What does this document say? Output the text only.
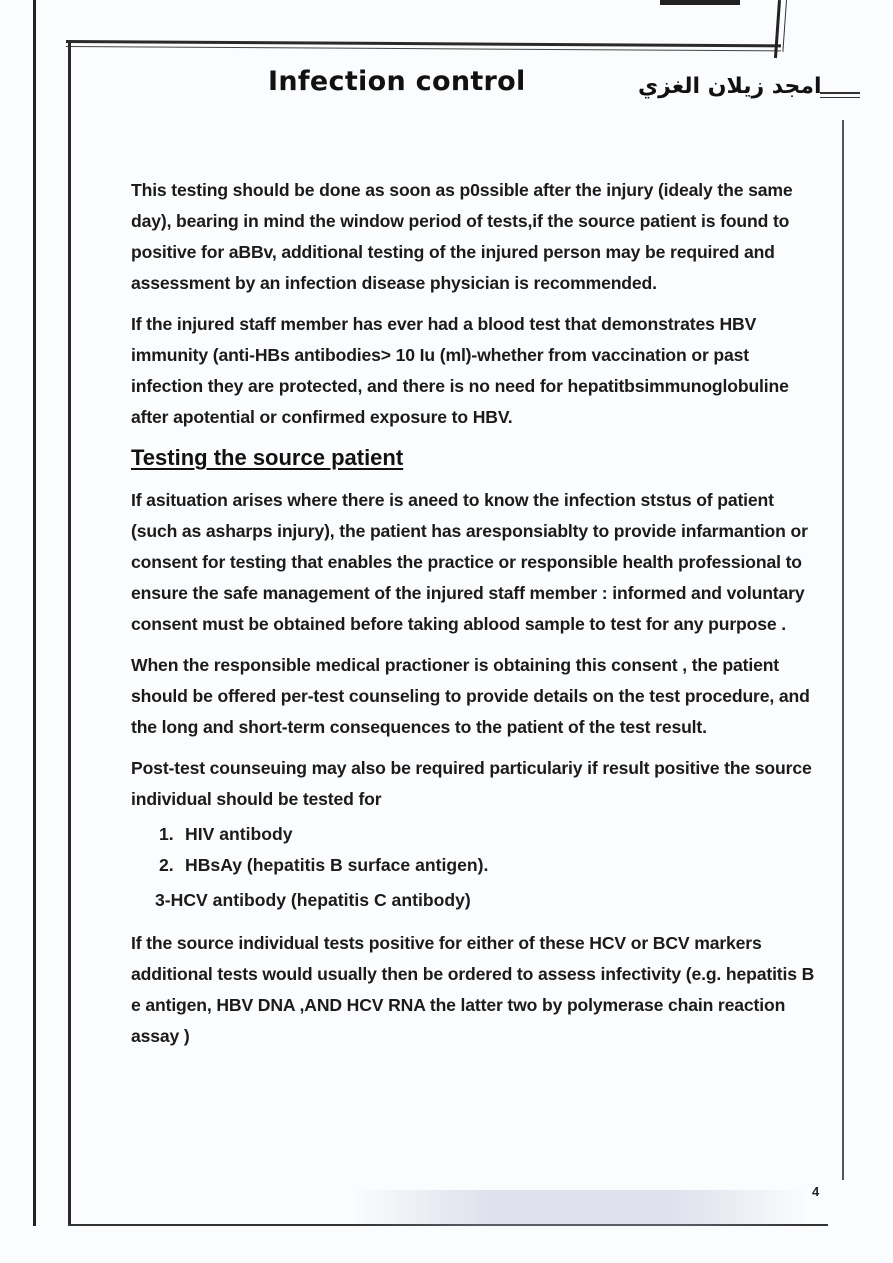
Infection control	امجد زيلان الغزي

This testing should be done as soon as p0ssible after the injury (idealy the same day), bearing in mind the window period of tests,if the source patient is found to positive for aBBv, additional testing of the injured person may be required and assessment by an infection disease physician is recommended.

If the injured staff member has ever had a blood test that demonstrates HBV immunity (anti-HBs antibodies> 10 Iu (ml)-whether from vaccination or past infection they are protected, and there is no need for hepatitbsimmunoglobuline after apotential or confirmed exposure to HBV.

Testing the source patient

If asituation arises where there is aneed to know the infection ststus of patient (such as asharps injury), the patient has aresponsiablty to provide infarmantion or consent for testing that enables the practice or responsible health professional to ensure the safe management of the injured staff member : informed and voluntary consent must be obtained before taking ablood sample to test for any purpose .

When the responsible medical practioner is obtaining this consent , the patient should be offered per-test counseling to provide details on the test procedure, and the long and short-term consequences to the patient of the test result.

Post-test counseuing may also be required particulariy if result positive the source individual should be tested for

1. HIV antibody
2. HBsAy (hepatitis B surface antigen).
3-HCV antibody (hepatitis C antibody)

If the source individual tests positive for either of these HCV or BCV markers additional tests would usually then be ordered to assess infectivity (e.g. hepatitis B e antigen, HBV DNA ,AND HCV RNA the latter two by polymerase chain reaction assay )

4
